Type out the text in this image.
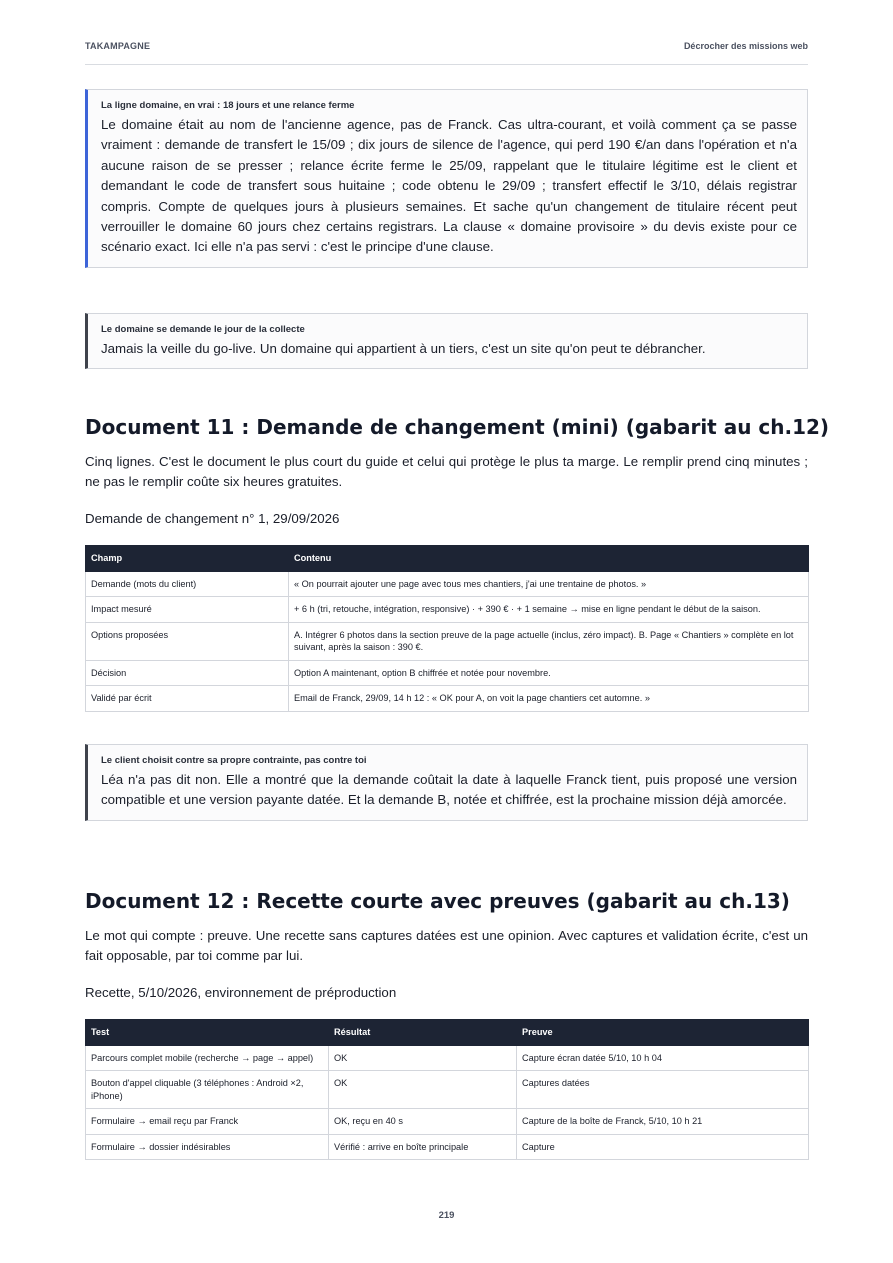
TAKAMPAGNE	Décrocher des missions web
La ligne domaine, en vrai : 18 jours et une relance ferme
Le domaine était au nom de l'ancienne agence, pas de Franck. Cas ultra-courant, et voilà comment ça se passe vraiment : demande de transfert le 15/09 ; dix jours de silence de l'agence, qui perd 190 €/an dans l'opération et n'a aucune raison de se presser ; relance écrite ferme le 25/09, rappelant que le titulaire légitime est le client et demandant le code de transfert sous huitaine ; code obtenu le 29/09 ; transfert effectif le 3/10, délais registrar compris. Compte de quelques jours à plusieurs semaines. Et sache qu'un changement de titulaire récent peut verrouiller le domaine 60 jours chez certains registrars. La clause « domaine provisoire » du devis existe pour ce scénario exact. Ici elle n'a pas servi : c'est le principe d'une clause.
Le domaine se demande le jour de la collecte
Jamais la veille du go-live. Un domaine qui appartient à un tiers, c'est un site qu'on peut te débrancher.
Document 11 : Demande de changement (mini) (gabarit au ch.12)

Cinq lignes. C'est le document le plus court du guide et celui qui protège le plus ta marge. Le remplir prend cinq minutes ; ne pas le remplir coûte six heures gratuites.

Demande de changement n° 1, 29/09/2026

Champ	Contenu
Demande (mots du client)	« On pourrait ajouter une page avec tous mes chantiers, j'ai une trentaine de photos. »
Impact mesuré	+ 6 h (tri, retouche, intégration, responsive) · + 390 € · + 1 semaine → mise en ligne pendant le début de la saison.
Options proposées	A. Intégrer 6 photos dans la section preuve de la page actuelle (inclus, zéro impact). B. Page « Chantiers » complète en lot suivant, après la saison : 390 €.
Décision	Option A maintenant, option B chiffrée et notée pour novembre.
Validé par écrit	Email de Franck, 29/09, 14 h 12 : « OK pour A, on voit la page chantiers cet automne. »
Le client choisit contre sa propre contrainte, pas contre toi
Léa n'a pas dit non. Elle a montré que la demande coûtait la date à laquelle Franck tient, puis proposé une version compatible et une version payante datée. Et la demande B, notée et chiffrée, est la prochaine mission déjà amorcée.
Document 12 : Recette courte avec preuves (gabarit au ch.13)

Le mot qui compte : preuve. Une recette sans captures datées est une opinion. Avec captures et validation écrite, c'est un fait opposable, par toi comme par lui.

Recette, 5/10/2026, environnement de préproduction

Test	Résultat	Preuve
Parcours complet mobile (recherche → page → appel)	OK	Capture écran datée 5/10, 10 h 04
Bouton d'appel cliquable (3 téléphones : Android ×2, iPhone)	OK	Captures datées
Formulaire → email reçu par Franck	OK, reçu en 40 s	Capture de la boîte de Franck, 5/10, 10 h 21
Formulaire → dossier indésirables	Vérifié : arrive en boîte principale	Capture
219
